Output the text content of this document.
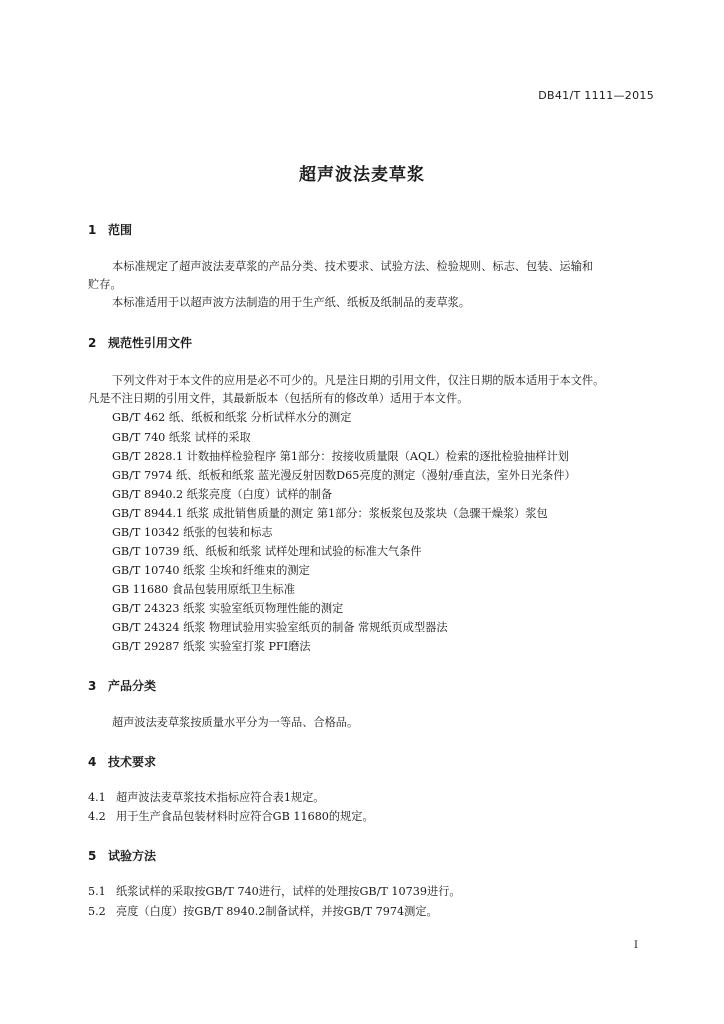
DB41/T 1111—2015
超声波法麦草浆
1 范围
本标准规定了超声波法麦草浆的产品分类、技术要求、试验方法、检验规则、标志、包装、运输和
贮存。
本标准适用于以超声波方法制造的用于生产纸、纸板及纸制品的麦草浆。
2 规范性引用文件
下列文件对于本文件的应用是必不可少的。凡是注日期的引用文件，仅注日期的版本适用于本文件。
凡是不注日期的引用文件，其最新版本（包括所有的修改单）适用于本文件。
GB/T 462 纸、纸板和纸浆 分析试样水分的测定
GB/T 740 纸浆 试样的采取
GB/T 2828.1 计数抽样检验程序 第1部分：按接收质量限（AQL）检索的逐批检验抽样计划
GB/T 7974 纸、纸板和纸浆 蓝光漫反射因数D65亮度的测定（漫射/垂直法，室外日光条件）
GB/T 8940.2 纸浆亮度（白度）试样的制备
GB/T 8944.1 纸浆 成批销售质量的测定 第1部分：浆板浆包及浆块（急骤干燥浆）浆包
GB/T 10342 纸张的包装和标志
GB/T 10739 纸、纸板和纸浆 试样处理和试验的标准大气条件
GB/T 10740 纸浆 尘埃和纤维束的测定
GB 11680 食品包装用原纸卫生标准
GB/T 24323 纸浆 实验室纸页物理性能的测定
GB/T 24324 纸浆 物理试验用实验室纸页的制备 常规纸页成型器法
GB/T 29287 纸浆 实验室打浆 PFI磨法
3 产品分类
超声波法麦草浆按质量水平分为一等品、合格品。
4 技术要求
4.1 超声波法麦草浆技术指标应符合表1规定。
4.2 用于生产食品包装材料时应符合GB 11680的规定。
5 试验方法
5.1 纸浆试样的采取按GB/T 740进行，试样的处理按GB/T 10739进行。
5.2 亮度（白度）按GB/T 8940.2制备试样，并按GB/T 7974测定。
I
